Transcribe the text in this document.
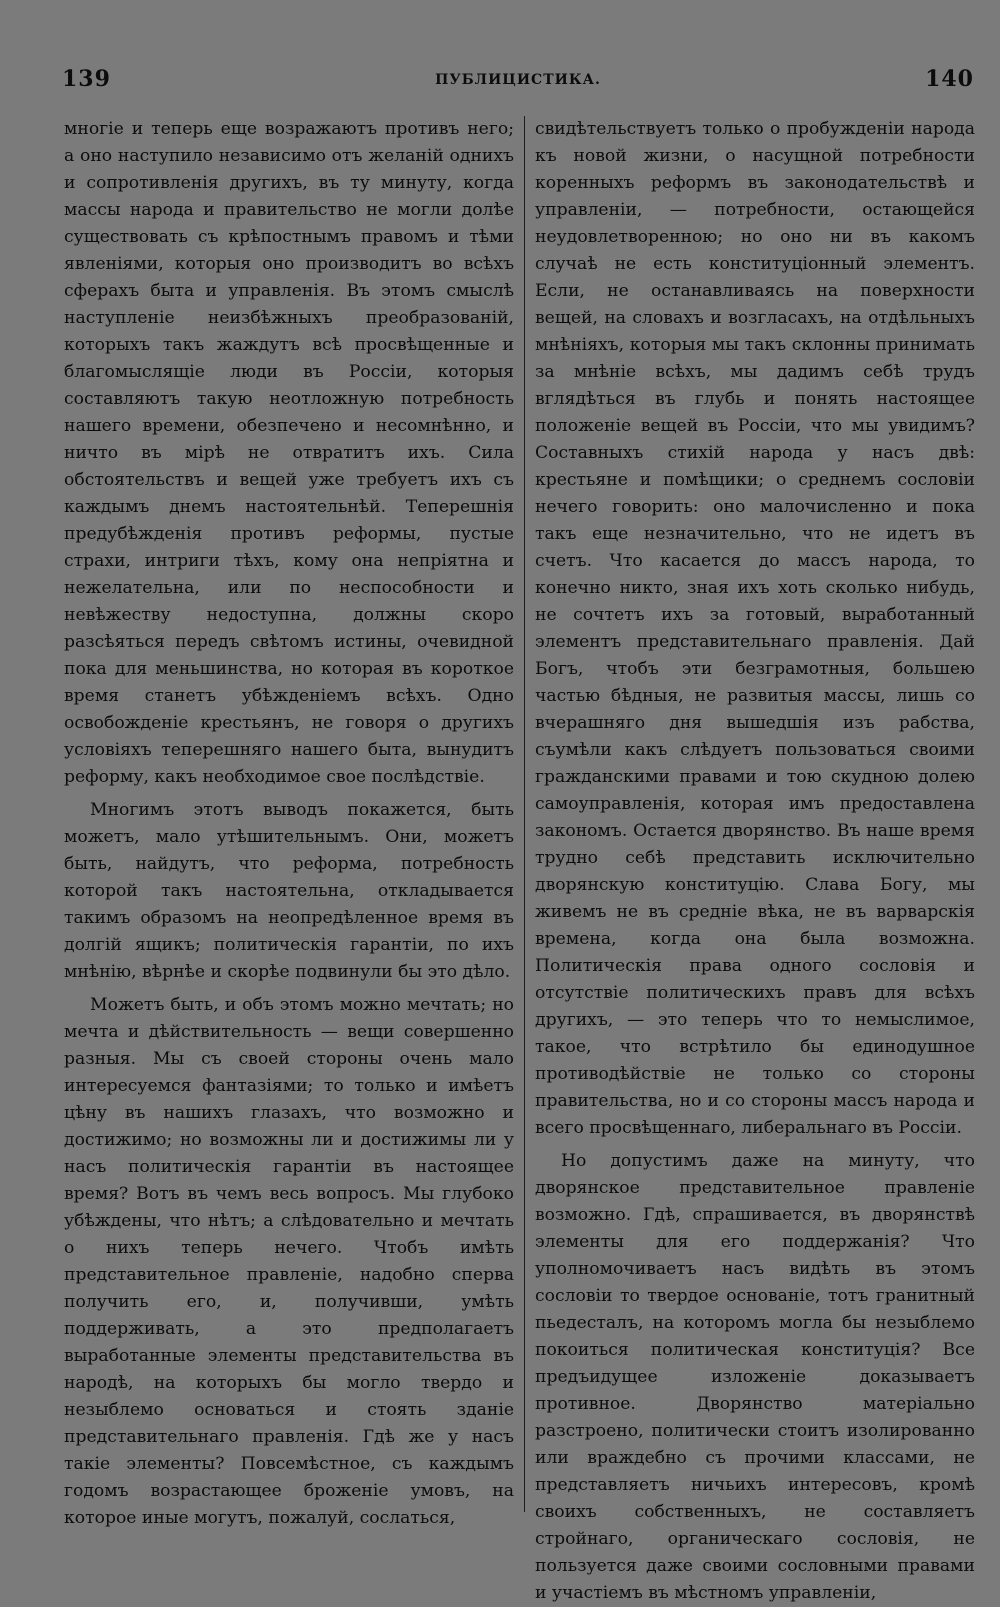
139	ПУБЛИЦИСТИКА.	140

многіе и теперь еще возражаютъ противъ него; а оно наступило независимо отъ желаній однихъ и сопротивленія другихъ, въ ту минуту, когда массы народа и правительство не могли долѣе существовать съ крѣпостнымъ правомъ и тѣми явленіями, которыя оно производитъ во всѣхъ сферахъ быта и управленія. Въ этомъ смыслѣ наступленіе неизбѣжныхъ преобразованій, которыхъ такъ жаждутъ всѣ просвѣщенные и благомыслящіе люди въ Россіи, которыя составляютъ такую неотложную потребность нашего времени, обезпечено и несомнѣнно, и ничто въ мірѣ не отвратитъ ихъ. Сила обстоятельствъ и вещей уже требуетъ ихъ съ каждымъ днемъ настоятельнѣй. Теперешнія предубѣжденія противъ реформы, пустые страхи, интриги тѣхъ, кому она непріятна и нежелательна, или по неспособности и невѣжеству недоступна, должны скоро разсѣяться передъ свѣтомъ истины, очевидной пока для меньшинства, но которая въ короткое время станетъ убѣжденіемъ всѣхъ. Одно освобожденіе крестьянъ, не говоря о другихъ условіяхъ теперешняго нашего быта, вынудитъ реформу, какъ необходимое свое послѣдствіе.

Многимъ этотъ выводъ покажется, быть можетъ, мало утѣшительнымъ. Они, можетъ быть, найдутъ, что реформа, потребность которой такъ настоятельна, откладывается такимъ образомъ на неопредѣленное время въ долгій ящикъ; политическія гарантіи, по ихъ мнѣнію, вѣрнѣе и скорѣе подвинули бы это дѣло.

Можетъ быть, и объ этомъ можно мечтать; но мечта и дѣйствительность — вещи совершенно разныя. Мы съ своей стороны очень мало интересуемся фантазіями; то только и имѣетъ цѣну въ нашихъ глазахъ, что возможно и достижимо; но возможны ли и достижимы ли у насъ политическія гарантіи въ настоящее время? Вотъ въ чемъ весь вопросъ. Мы глубоко убѣждены, что нѣтъ; а слѣдовательно и мечтать о нихъ теперь нечего. Чтобъ имѣть представительное правленіе, надобно сперва получить его, и, получивши, умѣть поддерживать, а это предполагаетъ выработанные элементы представительства въ народѣ, на которыхъ бы могло твердо и незыблемо основаться и стоять зданіе представительнаго правленія. Гдѣ же у насъ такіе элементы? Повсемѣстное, съ каждымъ годомъ возрастающее броженіе умовъ, на которое иные могутъ, пожалуй, сослаться,

свидѣтельствуетъ только о пробужденіи народа къ новой жизни, о насущной потребности коренныхъ реформъ въ законодательствѣ и управленіи, — потребности, остающейся неудовлетворенною; но оно ни въ какомъ случаѣ не есть конституціонный элементъ. Если, не останавливаясь на поверхности вещей, на словахъ и возгласахъ, на отдѣльныхъ мнѣніяхъ, которыя мы такъ склонны принимать за мнѣніе всѣхъ, мы дадимъ себѣ трудъ вглядѣться въ глубь и понять настоящее положеніе вещей въ Россіи, что мы увидимъ? Составныхъ стихій народа у насъ двѣ: крестьяне и помѣщики; о среднемъ сословіи нечего говорить: оно малочисленно и пока такъ еще незначительно, что не идетъ въ счетъ. Что касается до массъ народа, то конечно никто, зная ихъ хоть сколько нибудь, не сочтетъ ихъ за готовый, выработанный элементъ представительнаго правленія. Дай Богъ, чтобъ эти безграмотныя, большею частью бѣдныя, не развитыя массы, лишь со вчерашняго дня вышедшія изъ рабства, съумѣли какъ слѣдуетъ пользоваться своими гражданскими правами и тою скудною долею самоуправленія, которая имъ предоставлена закономъ. Остается дворянство. Въ наше время трудно себѣ представить исключительно дворянскую конституцію. Слава Богу, мы живемъ не въ средніе вѣка, не въ варварскія времена, когда она была возможна. Политическія права одного сословія и отсутствіе политическихъ правъ для всѣхъ другихъ, — это теперь что то немыслимое, такое, что встрѣтило бы единодушное противодѣйствіе не только со стороны правительства, но и со стороны массъ народа и всего просвѣщеннаго, либеральнаго въ Россіи.

Но допустимъ даже на минуту, что дворянское представительное правленіе возможно. Гдѣ, спрашивается, въ дворянствѣ элементы для его поддержанія? Что уполномочиваетъ насъ видѣть въ этомъ сословіи то твердое основаніе, тотъ гранитный пьедесталъ, на которомъ могла бы незыблемо покоиться политическая конституція? Все предъидущее изложеніе доказываетъ противное. Дворянство матеріально разстроено, политически стоитъ изолированно или враждебно съ прочими классами, не представляетъ ничьихъ интересовъ, кромѣ своихъ собственныхъ, не составляетъ стройнаго, органическаго сословія, не пользуется даже своими сословными правами и участіемъ въ мѣстномъ управленіи,
